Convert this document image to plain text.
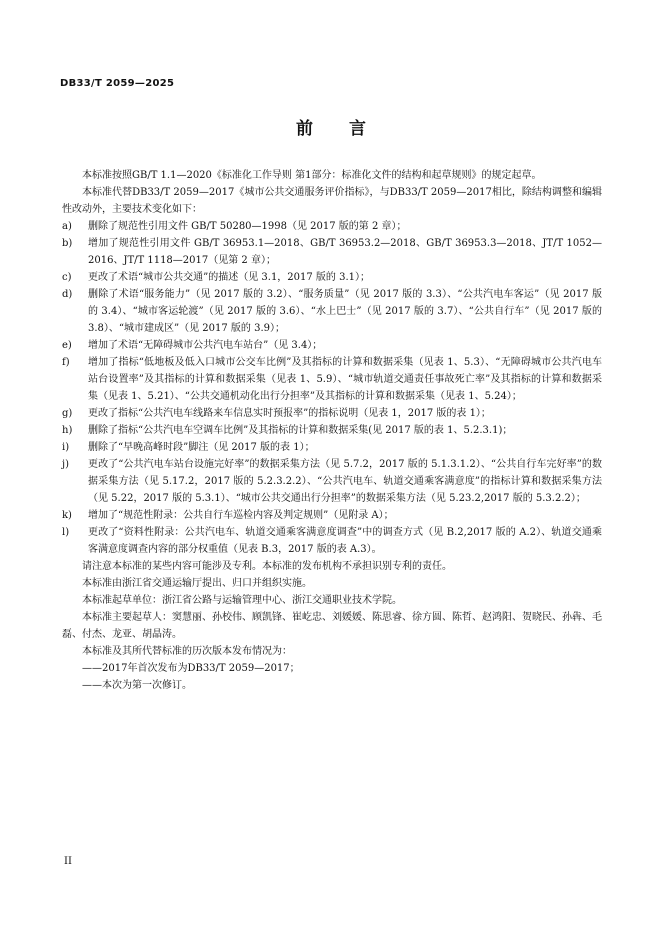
DB33/T 2059—2025
前 言

本标准按照GB/T 1.1—2020《标准化工作导则 第1部分：标准化文件的结构和起草规则》的规定起草。

本标准代替DB33/T 2059—2017《城市公共交通服务评价指标》，与DB33/T 2059—2017相比，除结构调整和编辑性改动外，主要技术变化如下：

a) 删除了规范性引用文件 GB/T 50280—1998（见 2017 版的第 2 章）；
b) 增加了规范性引用文件 GB/T 36953.1—2018、GB/T 36953.2—2018、GB/T 36953.3—2018、JT/T 1052—2016、JT/T 1118—2017（见第 2 章）；
c) 更改了术语“城市公共交通”的描述（见 3.1，2017 版的 3.1）；
d) 删除了术语“服务能力”（见 2017 版的 3.2）、“服务质量”（见 2017 版的 3.3）、“公共汽电车客运”（见 2017 版的 3.4）、“城市客运轮渡”（见 2017 版的 3.6）、“水上巴士”（见 2017 版的 3.7）、“公共自行车”（见 2017 版的 3.8）、“城市建成区”（见 2017 版的 3.9）；
e) 增加了术语“无障碍城市公共汽电车站台”（见 3.4）；
f) 增加了指标“低地板及低入口城市公交车比例”及其指标的计算和数据采集（见表 1、5.3）、“无障碍城市公共汽电车站台设置率”及其指标的计算和数据采集（见表 1、5.9）、“城市轨道交通责任事故死亡率”及其指标的计算和数据采集（见表 1、5.21）、“公共交通机动化出行分担率”及其指标的计算和数据采集（见表 1、5.24）；
g) 更改了指标“公共汽电车线路来车信息实时预报率”的指标说明（见表 1，2017 版的表 1）；
h) 删除了指标“公共汽电车空调车比例”及其指标的计算和数据采集(见 2017 版的表 1、5.2.3.1)；
i) 删除了“早晚高峰时段”脚注（见 2017 版的表 1）；
j) 更改了“公共汽电车站台设施完好率”的数据采集方法（见 5.7.2，2017 版的 5.1.3.1.2）、“公共自行车完好率”的数据采集方法（见 5.17.2，2017 版的 5.2.3.2.2）、“公共汽电车、轨道交通乘客满意度”的指标计算和数据采集方法（见 5.22，2017 版的 5.3.1）、“城市公共交通出行分担率”的数据采集方法（见 5.23.2,2017 版的 5.3.2.2）；
k) 增加了“规范性附录：公共自行车巡检内容及判定规则”（见附录 A）；
l) 更改了“资料性附录：公共汽电车、轨道交通乘客满意度调查”中的调查方式（见 B.2,2017 版的 A.2）、轨道交通乘客满意度调查内容的部分权重值（见表 B.3，2017 版的表 A.3）。

请注意本标准的某些内容可能涉及专利。本标准的发布机构不承担识别专利的责任。

本标准由浙江省交通运输厅提出、归口并组织实施。

本标准起草单位：浙江省公路与运输管理中心、浙江交通职业技术学院。

本标准主要起草人：窦慧丽、孙校伟、顾凯锋、崔屹忠、刘媛媛、陈思睿、徐方圆、陈哲、赵鸿阳、贺晓民、孙犇、毛磊、付杰、龙亚、胡晶涛。

本标准及其所代替标准的历次版本发布情况为：

——2017年首次发布为DB33/T 2059—2017；

——本次为第一次修订。

II
